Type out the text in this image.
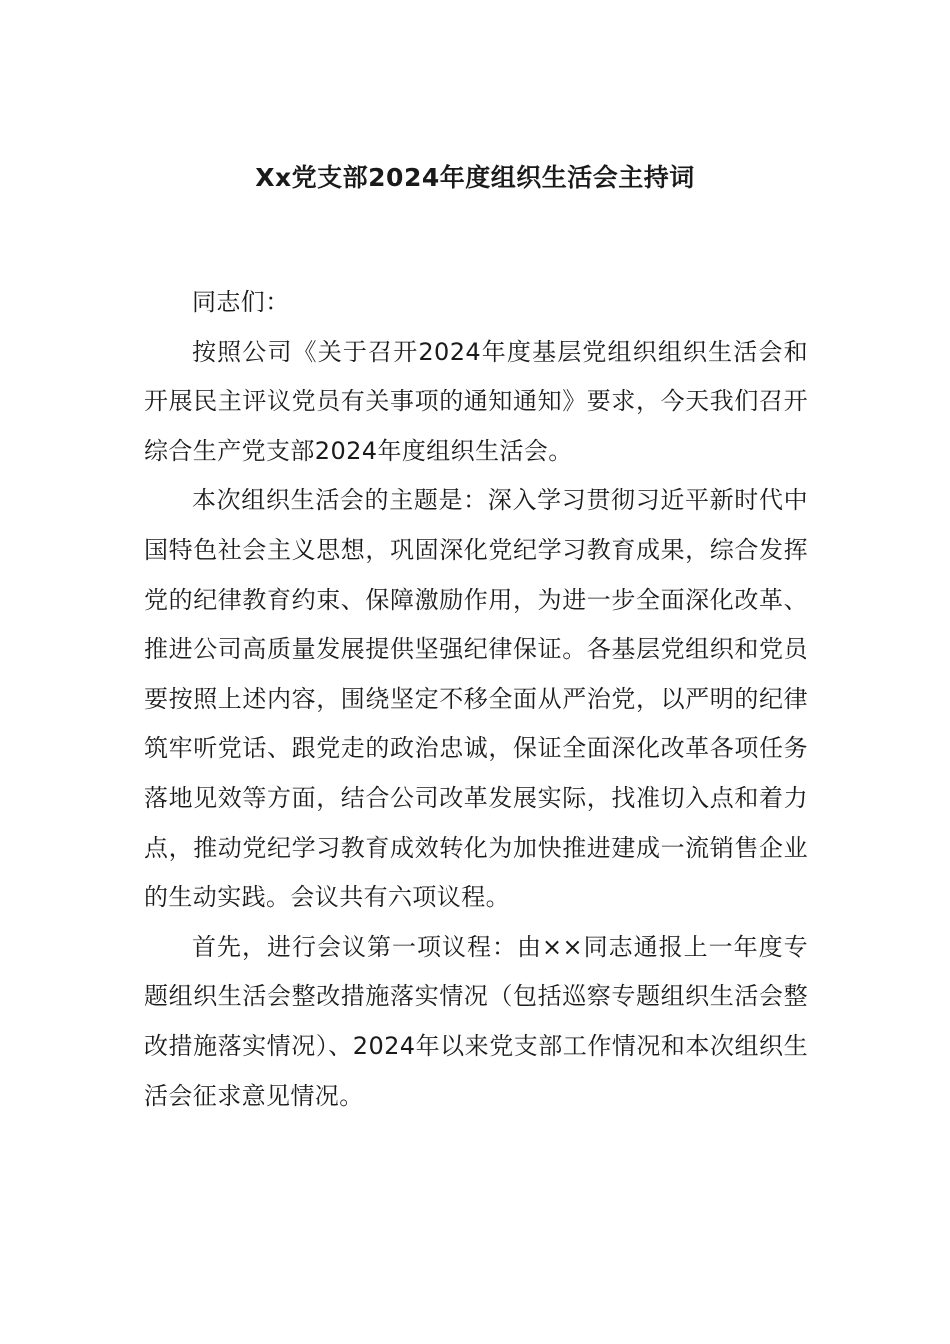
Xx党支部2024年度组织生活会主持词

同志们：

按照公司《关于召开2024年度基层党组织组织生活会和开展民主评议党员有关事项的通知通知》要求，今天我们召开综合生产党支部2024年度组织生活会。

本次组织生活会的主题是：深入学习贯彻习近平新时代中国特色社会主义思想，巩固深化党纪学习教育成果，综合发挥党的纪律教育约束、保障激励作用，为进一步全面深化改革、推进公司高质量发展提供坚强纪律保证。各基层党组织和党员要按照上述内容，围绕坚定不移全面从严治党，以严明的纪律筑牢听党话、跟党走的政治忠诚，保证全面深化改革各项任务落地见效等方面，结合公司改革发展实际，找准切入点和着力点，推动党纪学习教育成效转化为加快推进建成一流销售企业的生动实践。会议共有六项议程。

首先，进行会议第一项议程：由××同志通报上一年度专题组织生活会整改措施落实情况（包括巡察专题组织生活会整改措施落实情况）、2024年以来党支部工作情况和本次组织生活会征求意见情况。
